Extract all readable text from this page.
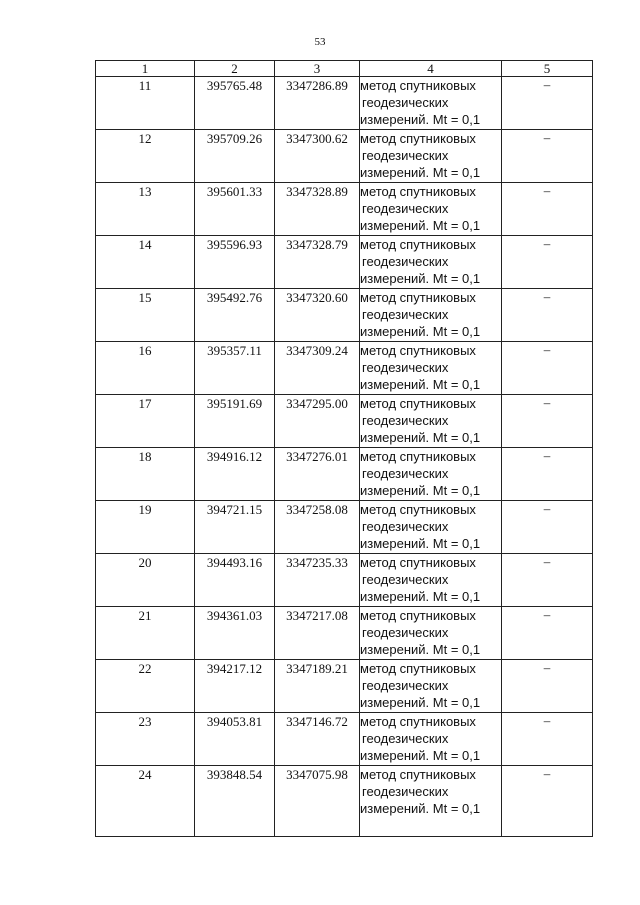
53
1	2	3	4	5
11	395765.48	3347286.89	метод спутниковых
геодезических
измерений. Mt = 0,1	–
12	395709.26	3347300.62	метод спутниковых
геодезических
измерений. Mt = 0,1	–
13	395601.33	3347328.89	метод спутниковых
геодезических
измерений. Mt = 0,1	–
14	395596.93	3347328.79	метод спутниковых
геодезических
измерений. Mt = 0,1	–
15	395492.76	3347320.60	метод спутниковых
геодезических
измерений. Mt = 0,1	–
16	395357.11	3347309.24	метод спутниковых
геодезических
измерений. Mt = 0,1	–
17	395191.69	3347295.00	метод спутниковых
геодезических
измерений. Mt = 0,1	–
18	394916.12	3347276.01	метод спутниковых
геодезических
измерений. Mt = 0,1	–
19	394721.15	3347258.08	метод спутниковых
геодезических
измерений. Mt = 0,1	–
20	394493.16	3347235.33	метод спутниковых
геодезических
измерений. Mt = 0,1	–
21	394361.03	3347217.08	метод спутниковых
геодезических
измерений. Mt = 0,1	–
22	394217.12	3347189.21	метод спутниковых
геодезических
измерений. Mt = 0,1	–
23	394053.81	3347146.72	метод спутниковых
геодезических
измерений. Mt = 0,1	–
24	393848.54	3347075.98	метод спутниковых
геодезических
измерений. Mt = 0,1	–
